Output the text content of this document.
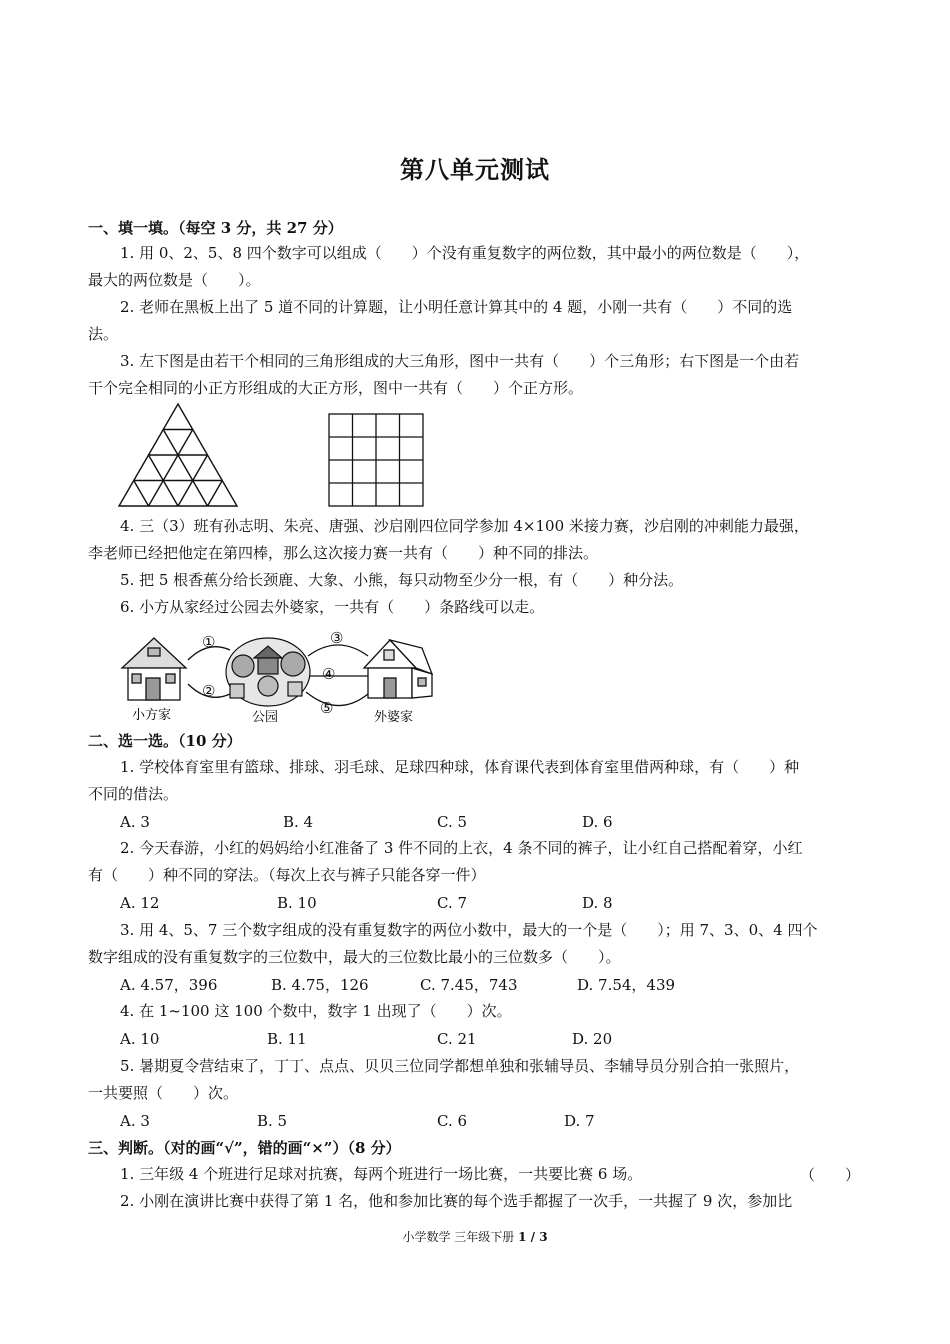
第八单元测试
一、填一填。（每空 3 分，共 27 分）
1. 用 0、2、5、8 四个数字可以组成（　　）个没有重复数字的两位数，其中最小的两位数是（　　），
最大的两位数是（　　）。
2. 老师在黑板上出了 5 道不同的计算题，让小明任意计算其中的 4 题，小刚一共有（　　）不同的选
法。
3. 左下图是由若干个相同的三角形组成的大三角形，图中一共有（　　）个三角形；右下图是一个由若
干个完全相同的小正方形组成的大正方形，图中一共有（　　）个正方形。
4. 三（3）班有孙志明、朱亮、唐强、沙启刚四位同学参加 4×100 米接力赛，沙启刚的冲刺能力最强，
李老师已经把他定在第四棒，那么这次接力赛一共有（　　）种不同的排法。
5. 把 5 根香蕉分给长颈鹿、大象、小熊，每只动物至少分一根，有（　　）种分法。
6. 小方从家经过公园去外婆家，一共有（　　）条路线可以走。
小方家	公园	外婆家
①
②
③
④
⑤
二、选一选。（10 分）
1. 学校体育室里有篮球、排球、羽毛球、足球四种球，体育课代表到体育室里借两种球，有（　　）种
不同的借法。
A. 3	B. 4	C. 5	D. 6
2. 今天春游，小红的妈妈给小红准备了 3 件不同的上衣，4 条不同的裤子，让小红自己搭配着穿，小红
有（　　）种不同的穿法。（每次上衣与裤子只能各穿一件）
A. 12	B. 10	C. 7	D. 8
3. 用 4、5、7 三个数字组成的没有重复数字的两位小数中，最大的一个是（　　）；用 7、3、0、4 四个
数字组成的没有重复数字的三位数中，最大的三位数比最小的三位数多（　　）。
A. 4.57，396	B. 4.75，126	C. 7.45，743	D. 7.54，439
4. 在 1~100 这 100 个数中，数字 1 出现了（　　）次。
A. 10	B. 11	C. 21	D. 20
5. 暑期夏令营结束了，丁丁、点点、贝贝三位同学都想单独和张辅导员、李辅导员分别合拍一张照片，
一共要照（　　）次。
A. 3	B. 5	C. 6	D. 7
三、判断。（对的画“√”，错的画“×”）（8 分）
1. 三年级 4 个班进行足球对抗赛，每两个班进行一场比赛，一共要比赛 6 场。	（　　）
2. 小刚在演讲比赛中获得了第 1 名，他和参加比赛的每个选手都握了一次手，一共握了 9 次，参加比
小学数学 三年级下册 1 / 3
